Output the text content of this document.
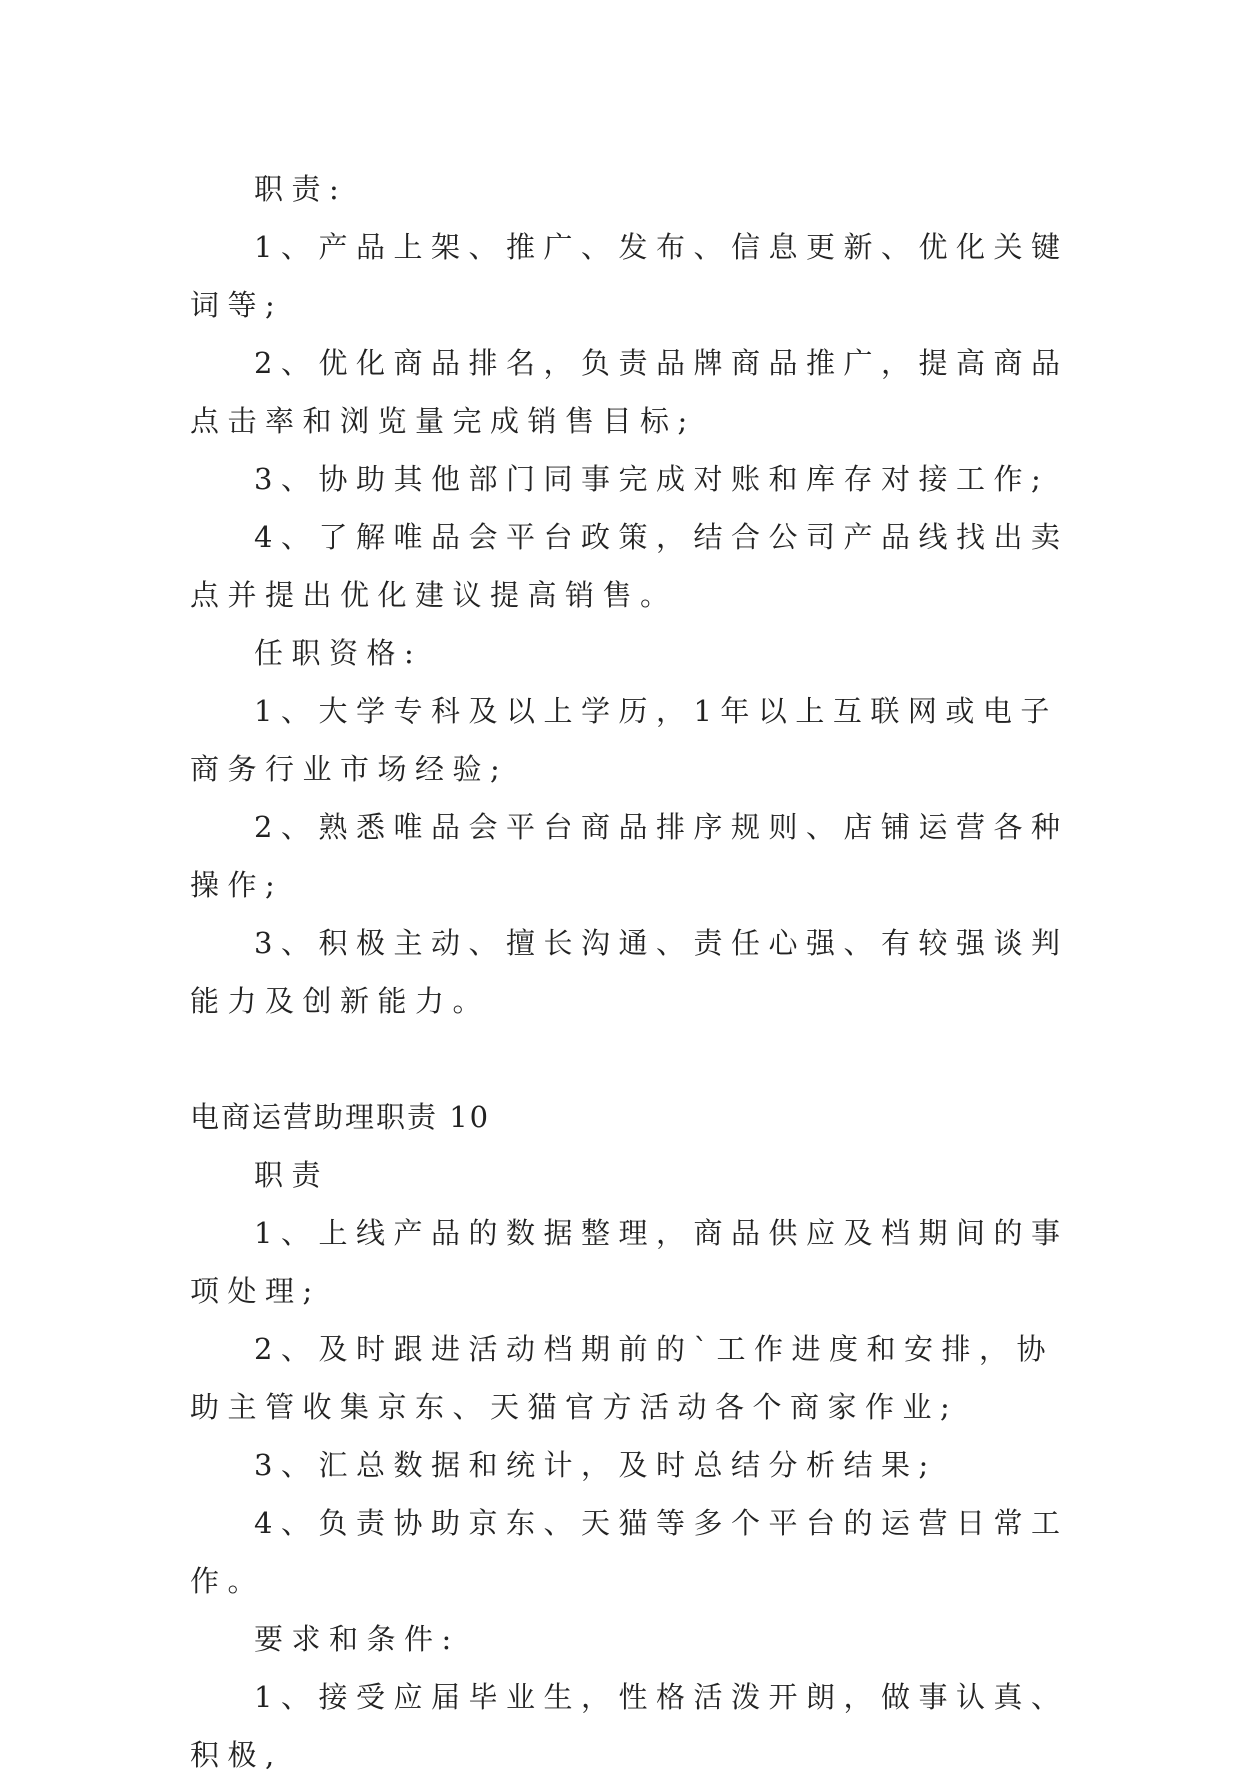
职责:

1、产品上架、推广、发布、信息更新、优化关键词等;

2、优化商品排名，负责品牌商品推广，提高商品点击率和浏览量完成销售目标;

3、协助其他部门同事完成对账和库存对接工作;

4、了解唯品会平台政策，结合公司产品线找出卖点并提出优化建议提高销售。

任职资格:

1、大学专科及以上学历，1年以上互联网或电子商务行业市场经验;

2、熟悉唯品会平台商品排序规则、店铺运营各种操作;

3、积极主动、擅长沟通、责任心强、有较强谈判能力及创新能力。

电商运营助理职责 10

职责

1、上线产品的数据整理，商品供应及档期间的事项处理;

2、及时跟进活动档期前的`工作进度和安排，协助主管收集京东、天猫官方活动各个商家作业;

3、汇总数据和统计，及时总结分析结果;

4、负责协助京东、天猫等多个平台的运营日常工作。

要求和条件:

1、接受应届毕业生，性格活泼开朗，做事认真、积极,
